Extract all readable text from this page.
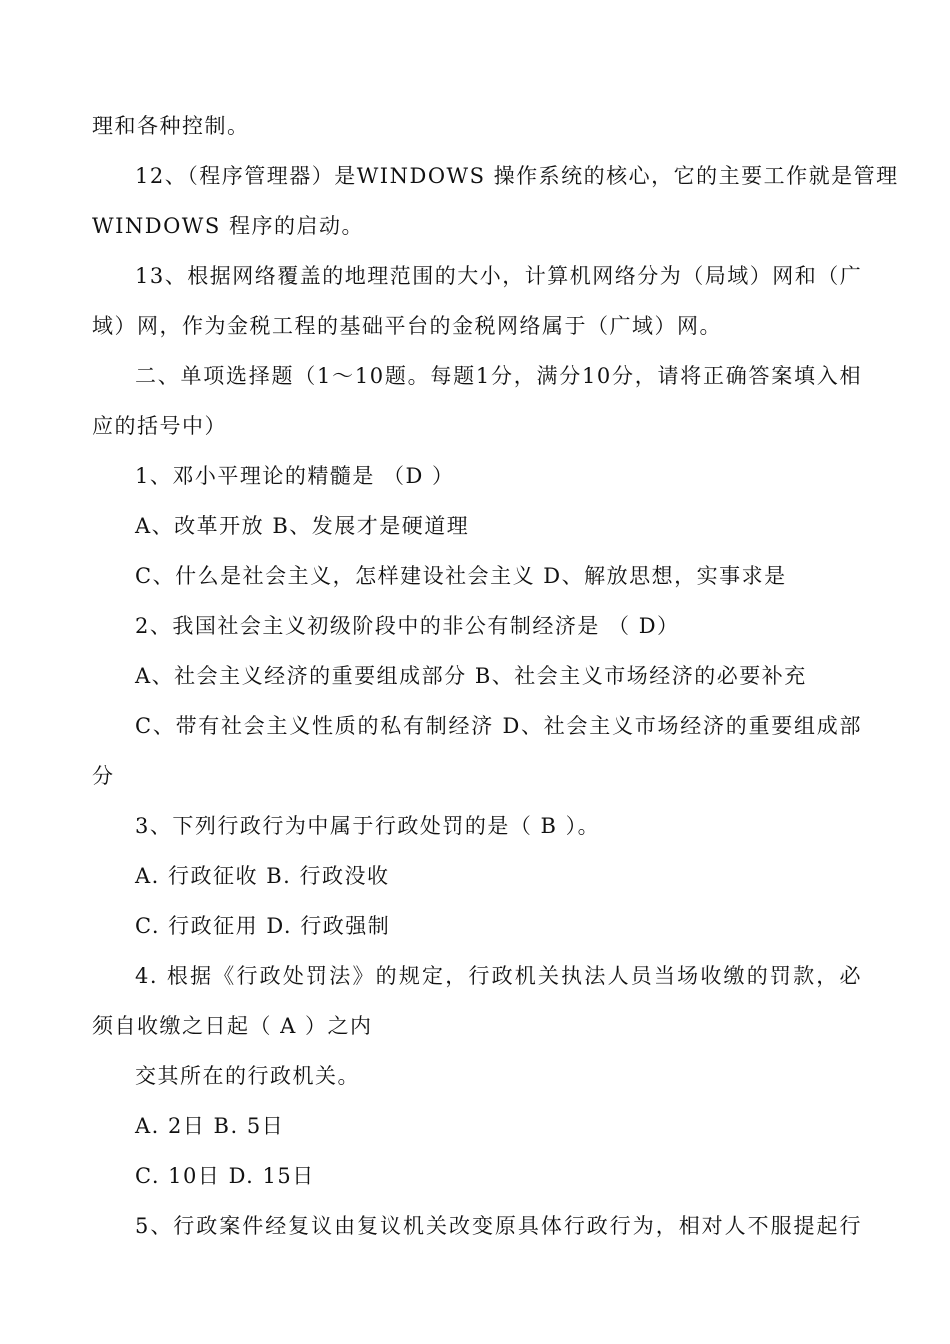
理和各种控制。

12、（程序管理器）是WINDOWS 操作系统的核心，它的主要工作就是管理

WINDOWS 程序的启动。

13、根据网络覆盖的地理范围的大小，计算机网络分为（局域）网和（广

域）网，作为金税工程的基础平台的金税网络属于（广域）网。

二、单项选择题（1～10题。每题1分，满分10分，请将正确答案填入相

应的括号中）

1、邓小平理论的精髓是 （D ）

A、改革开放 B、发展才是硬道理

C、什么是社会主义，怎样建设社会主义 D、解放思想，实事求是

2、我国社会主义初级阶段中的非公有制经济是 （ D）

A、社会主义经济的重要组成部分 B、社会主义市场经济的必要补充

C、带有社会主义性质的私有制经济 D、社会主义市场经济的重要组成部

分

3、下列行政行为中属于行政处罚的是（ B ）。

A. 行政征收 B. 行政没收

C. 行政征用 D. 行政强制

4. 根据《行政处罚法》的规定，行政机关执法人员当场收缴的罚款，必

须自收缴之日起（ A ）之内

交其所在的行政机关。

A. 2日 B. 5日

C. 10日 D. 15日

5、行政案件经复议由复议机关改变原具体行政行为，相对人不服提起行
